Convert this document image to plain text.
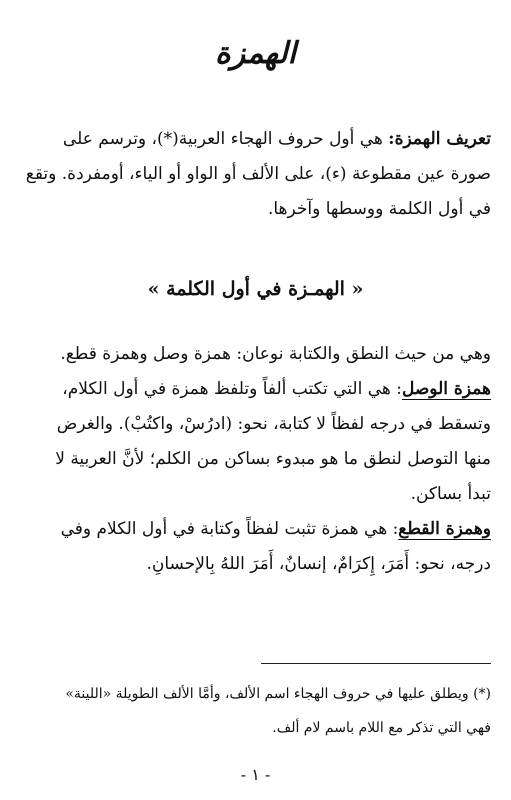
الهمزة

تعريف الهمزة: هي أول حروف الهجاء العربية(*)، وترسم على
صورة عين مقطوعة (ء)، على الألف أو الواو أو الياء، أومفردة. وتقع
في أول الكلمة ووسطها وآخرها.

« الهمـزة في أول الكلمة »

وهي من حيث النطق والكتابة نوعان: همزة وصل وهمزة قطع.
همزة الوصل: هي التي تكتب ألفاً وتلفظ همزة في أول الكلام،
وتسقط في درجه لفظاً لا كتابة، نحو: (ادرُسْ، واكتُبْ). والغرض
منها التوصل لنطق ما هو مبدوء بساكن من الكلم؛ لأنَّ العربية لا
تبدأ بساكن.
وهمزة القطع: هي همزة تثبت لفظاً وكتابة في أول الكلام وفي
درجه، نحو: أَمَرَ، إِكرَامٌ، إنسانٌ، أَمَرَ اللهُ بِالإحسانِ.

(*) ويطلق عليها في حروف الهجاء اسم الألف، وأمَّا الألف الطويلة «اللينة»
فهي التي تذكر مع اللام باسم لام ألف.

- ١ -
